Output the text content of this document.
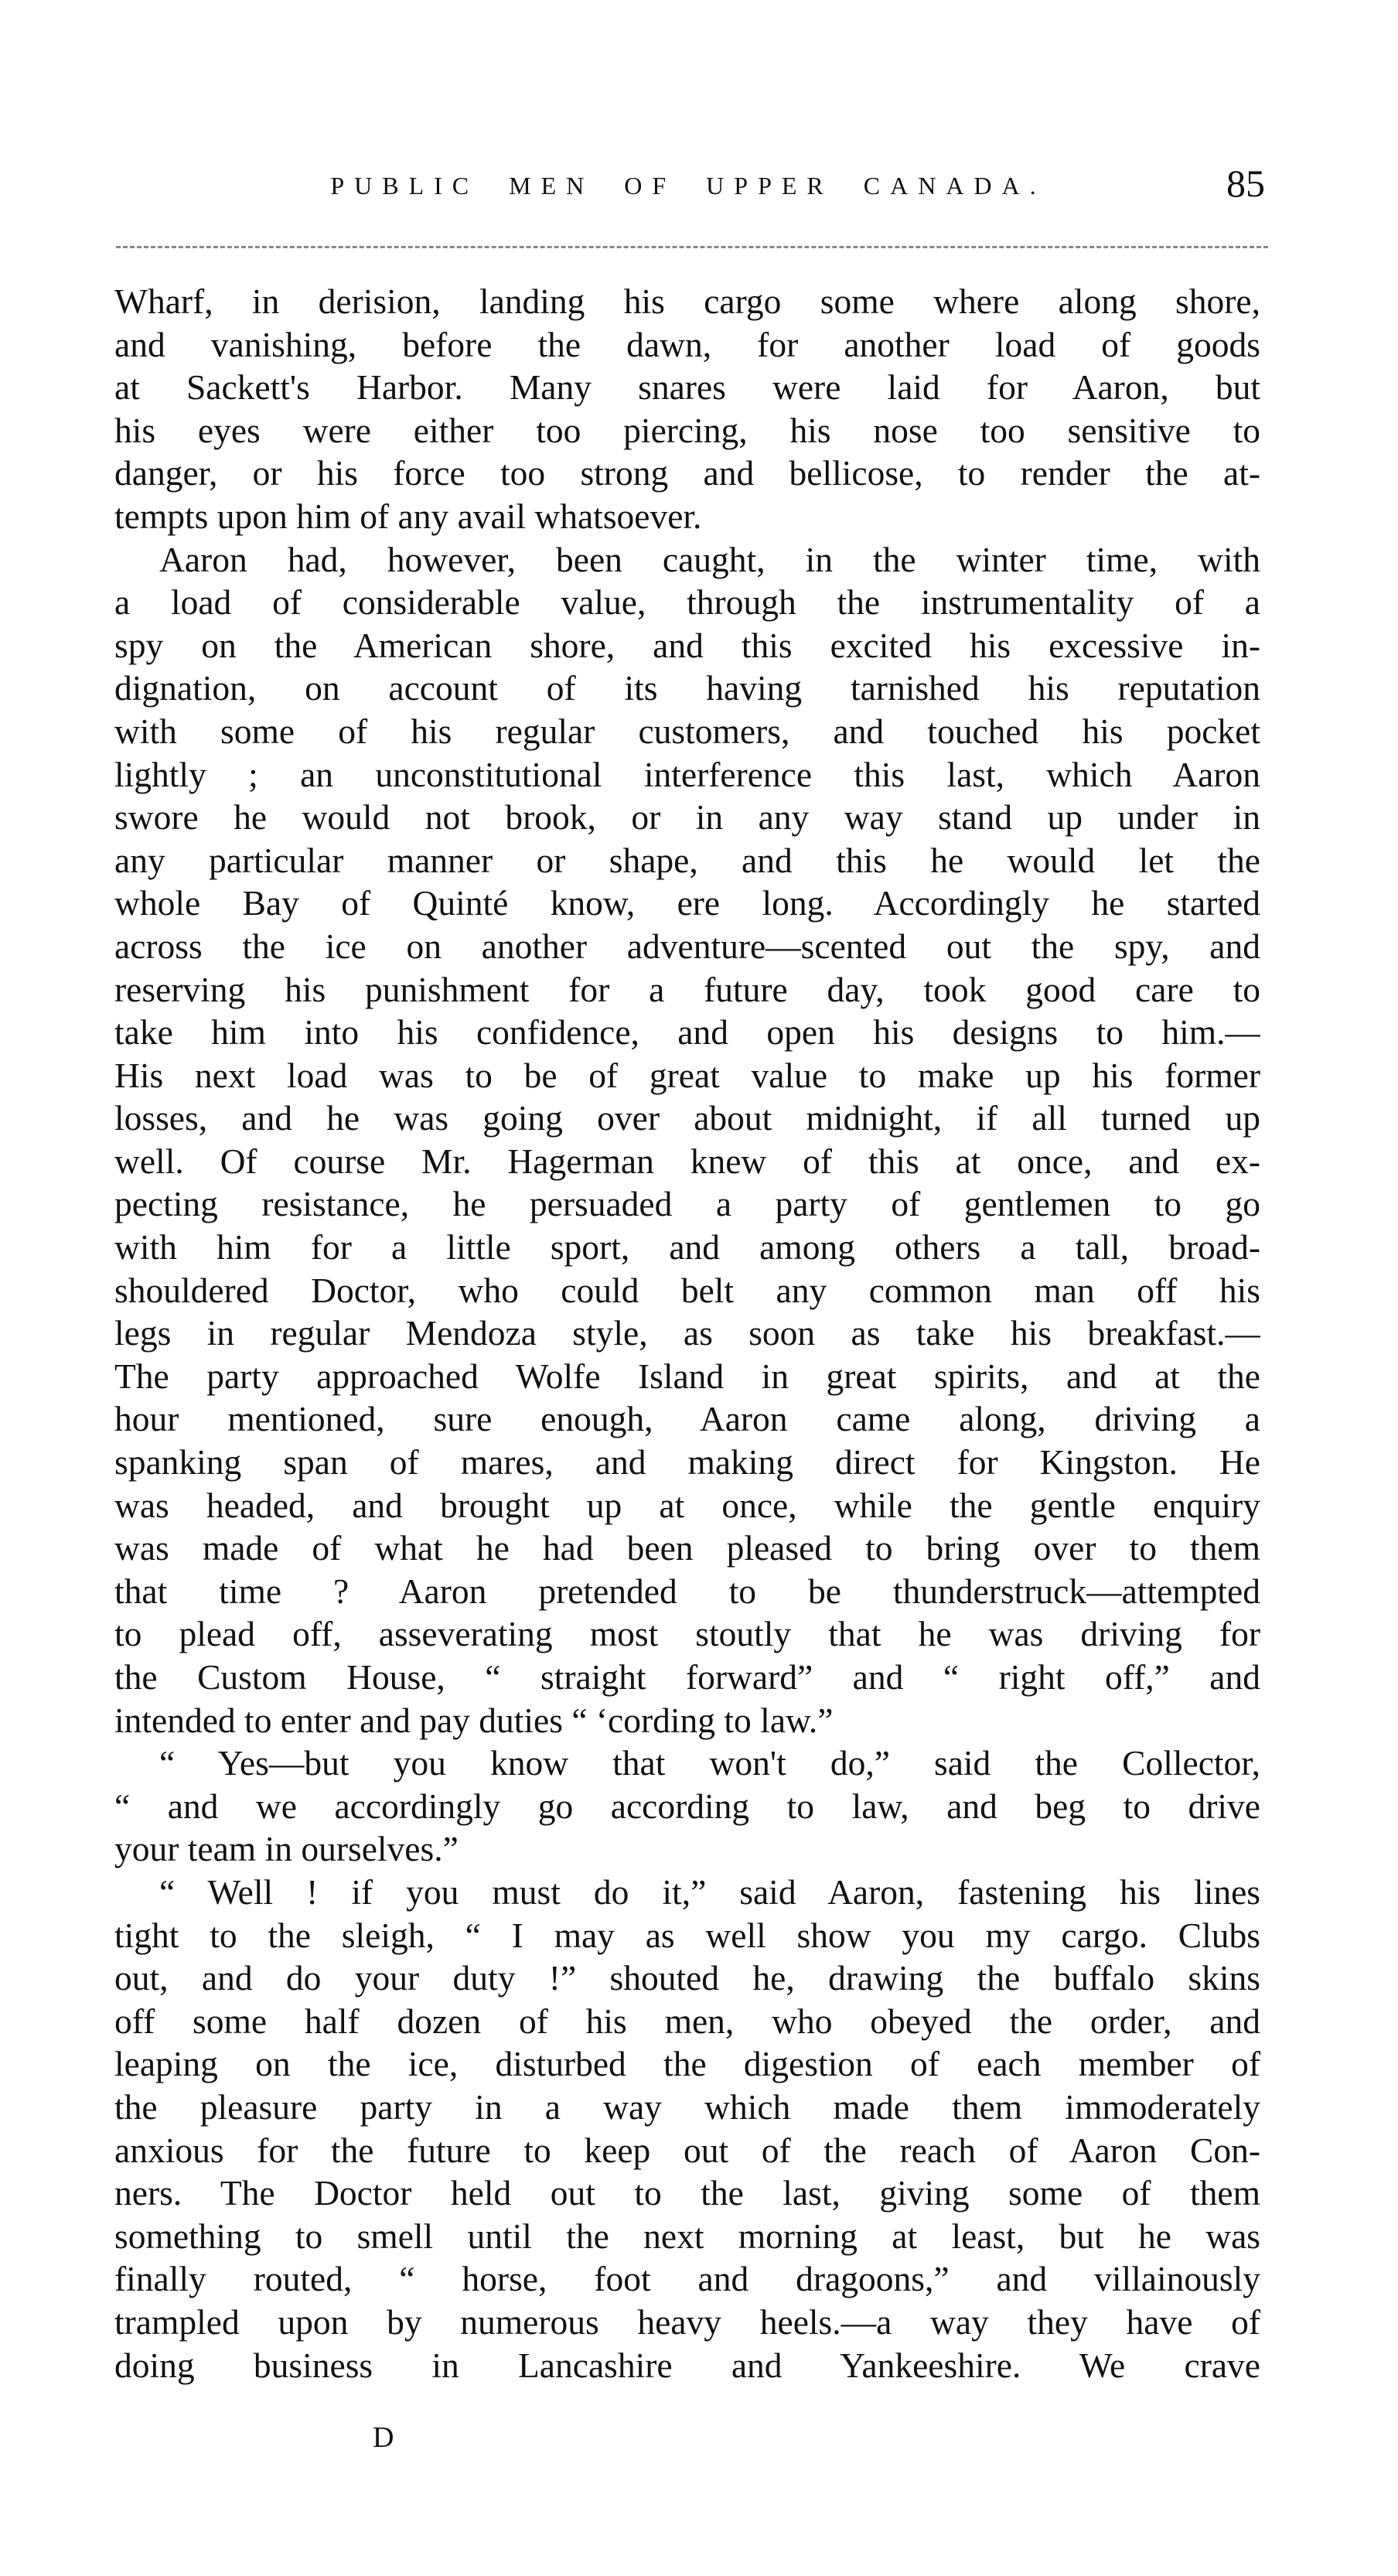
PUBLIC MEN OF UPPER CANADA.	85
Wharf, in derision, landing his cargo some where along shore,
and vanishing, before the dawn, for another load of goods
at Sackett's Harbor. Many snares were laid for Aaron, but
his eyes were either too piercing, his nose too sensitive to
danger, or his force too strong and bellicose, to render the at-
tempts upon him of any avail whatsoever.
Aaron had, however, been caught, in the winter time, with
a load of considerable value, through the instrumentality of a
spy on the American shore, and this excited his excessive in-
dignation, on account of its having tarnished his reputation
with some of his regular customers, and touched his pocket
lightly ; an unconstitutional interference this last, which Aaron
swore he would not brook, or in any way stand up under in
any particular manner or shape, and this he would let the
whole Bay of Quinté know, ere long. Accordingly he started
across the ice on another adventure—scented out the spy, and
reserving his punishment for a future day, took good care to
take him into his confidence, and open his designs to him.—
His next load was to be of great value to make up his former
losses, and he was going over about midnight, if all turned up
well. Of course Mr. Hagerman knew of this at once, and ex-
pecting resistance, he persuaded a party of gentlemen to go
with him for a little sport, and among others a tall, broad-
shouldered Doctor, who could belt any common man off his
legs in regular Mendoza style, as soon as take his breakfast.—
The party approached Wolfe Island in great spirits, and at the
hour mentioned, sure enough, Aaron came along, driving a
spanking span of mares, and making direct for Kingston. He
was headed, and brought up at once, while the gentle enquiry
was made of what he had been pleased to bring over to them
that time ? Aaron pretended to be thunderstruck—attempted
to plead off, asseverating most stoutly that he was driving for
the Custom House, “ straight forward” and “ right off,” and
intended to enter and pay duties “ ‘cording to law.”
“ Yes—but you know that won't do,” said the Collector,
“ and we accordingly go according to law, and beg to drive
your team in ourselves.”
“ Well ! if you must do it,” said Aaron, fastening his lines
tight to the sleigh, “ I may as well show you my cargo. Clubs
out, and do your duty !” shouted he, drawing the buffalo skins
off some half dozen of his men, who obeyed the order, and
leaping on the ice, disturbed the digestion of each member of
the pleasure party in a way which made them immoderately
anxious for the future to keep out of the reach of Aaron Con-
ners. The Doctor held out to the last, giving some of them
something to smell until the next morning at least, but he was
finally routed, “ horse, foot and dragoons,” and villainously
trampled upon by numerous heavy heels.—a way they have of
doing business in Lancashire and Yankeeshire. We crave
D
